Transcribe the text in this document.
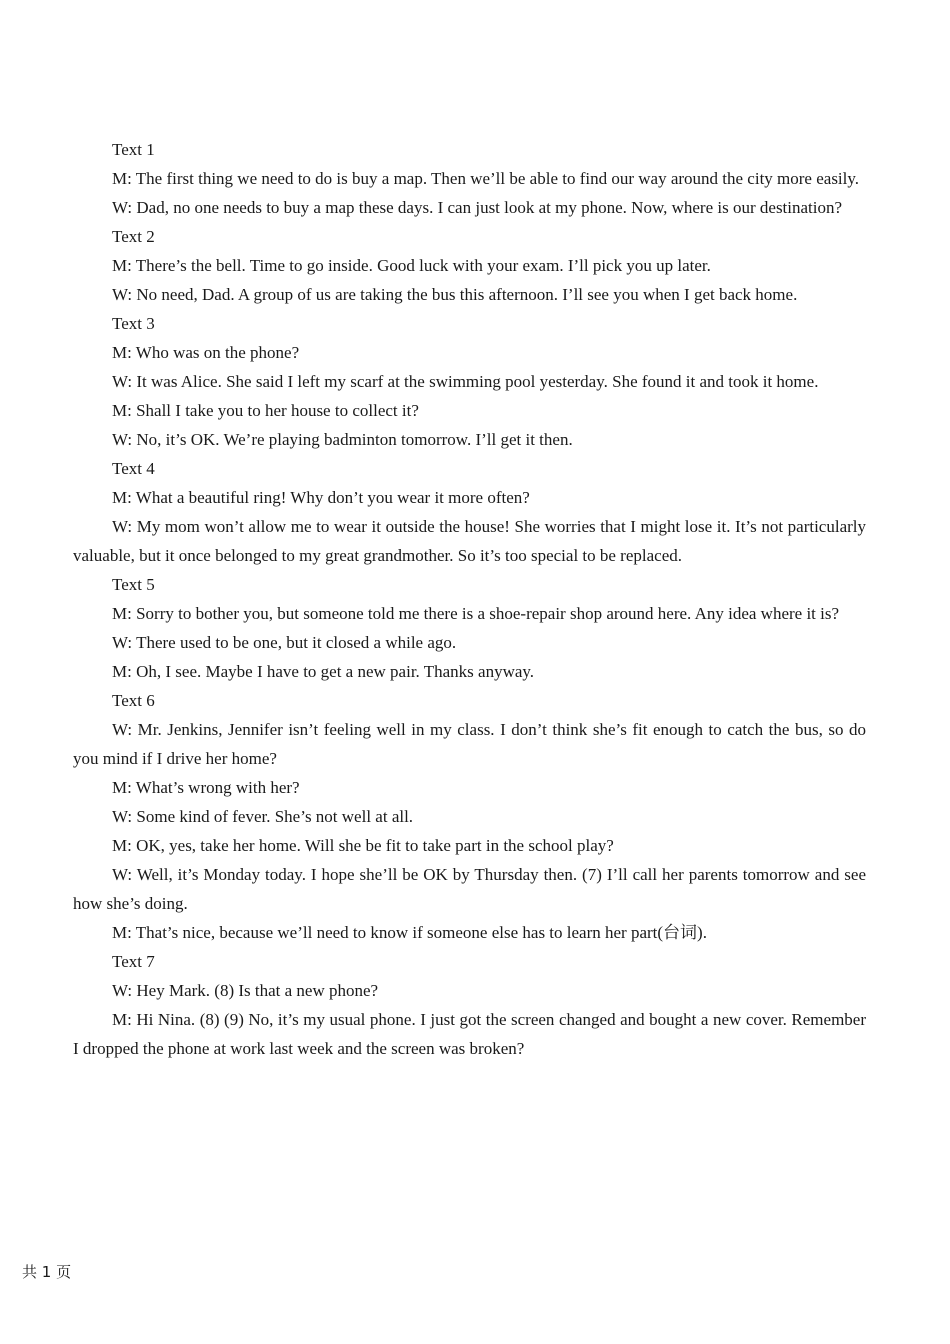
Text 1

M: The first thing we need to do is buy a map. Then we’ll be able to find our way around the city more easily.

W: Dad, no one needs to buy a map these days. I can just look at my phone. Now, where is our destination?

Text 2

M: There’s the bell. Time to go inside. Good luck with your exam. I’ll pick you up later.

W: No need, Dad. A group of us are taking the bus this afternoon. I’ll see you when I get back home.

Text 3

M: Who was on the phone?

W: It was Alice. She said I left my scarf at the swimming pool yesterday. She found it and took it home.

M: Shall I take you to her house to collect it?

W: No, it’s OK. We’re playing badminton tomorrow. I’ll get it then.

Text 4

M: What a beautiful ring! Why don’t you wear it more often?

W: My mom won’t allow me to wear it outside the house! She worries that I might lose it. It’s not particularly valuable, but it once belonged to my great grandmother. So it’s too special to be replaced.

Text 5

M: Sorry to bother you, but someone told me there is a shoe-repair shop around here. Any idea where it is?

W: There used to be one, but it closed a while ago.

M: Oh, I see. Maybe I have to get a new pair. Thanks anyway.

Text 6

W: Mr. Jenkins, Jennifer isn’t feeling well in my class. I don’t think she’s fit enough to catch the bus, so do you mind if I drive her home?

M: What’s wrong with her?

W: Some kind of fever. She’s not well at all.

M: OK, yes, take her home. Will she be fit to take part in the school play?

W: Well, it’s Monday today. I hope she’ll be OK by Thursday then. (7) I’ll call her parents tomorrow and see how she’s doing.

M: That’s nice, because we’ll need to know if someone else has to learn her part(台词).

Text 7

W: Hey Mark. (8) Is that a new phone?

M: Hi Nina. (8) (9) No, it’s my usual phone. I just got the screen changed and bought a new cover. Remember I dropped the phone at work last week and the screen was broken?

共 1 页
